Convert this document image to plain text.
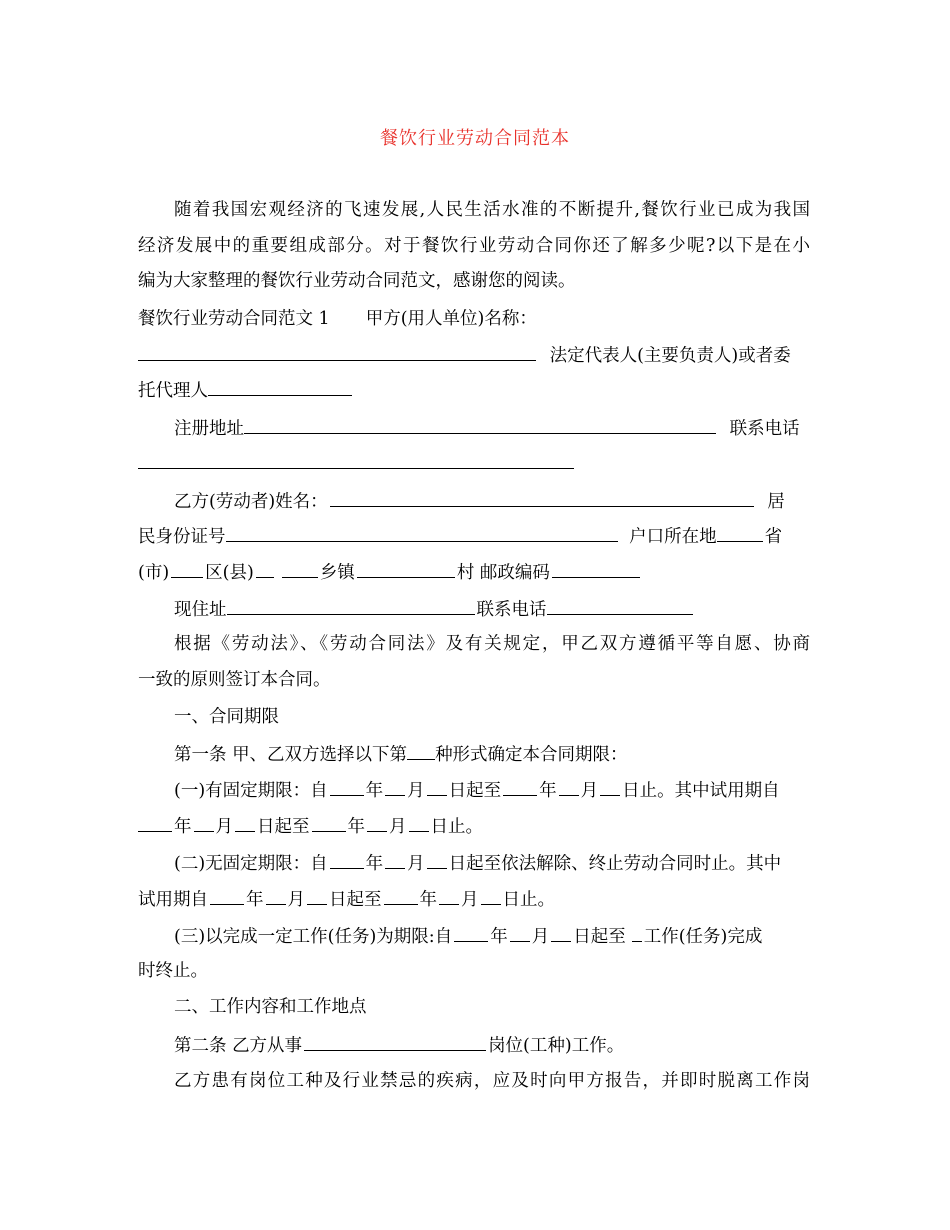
餐饮行业劳动合同范本
随着我国宏观经济的飞速发展,人民生活水准的不断提升,餐饮行业已成为我国
经济发展中的重要组成部分。对于餐饮行业劳动合同你还了解多少呢?以下是在小
编为大家整理的餐饮行业劳动合同范文，感谢您的阅读。
餐饮行业劳动合同范文 1 甲方(用人单位)名称：
法定代表人(主要负责人)或者委
托代理人
注册地址	联系电话
乙方(劳动者)姓名：	居
民身份证号	户口所在地	省
(市) 区(县)	乡镇	村 邮政编码
现住址	联系电话
根据《劳动法》、《劳动合同法》及有关规定，甲乙双方遵循平等自愿、协商
一致的原则签订本合同。
一、合同期限
第一条 甲、乙双方选择以下第 种形式确定本合同期限：
(一)有固定期限：自 年 月 日起至 年 月 日止。其中试用期自
年 月 日起至 年 月 日止。
(二)无固定期限：自 年 月 日起至依法解除、终止劳动合同时止。其中
试用期自 年 月 日起至 年 月 日止。
(三)以完成一定工作(任务)为期限:自 年 月 日起至 工作(任务)完成
时终止。
二、工作内容和工作地点
第二条 乙方从事	岗位(工种)工作。
乙方患有岗位工种及行业禁忌的疾病，应及时向甲方报告，并即时脱离工作岗
